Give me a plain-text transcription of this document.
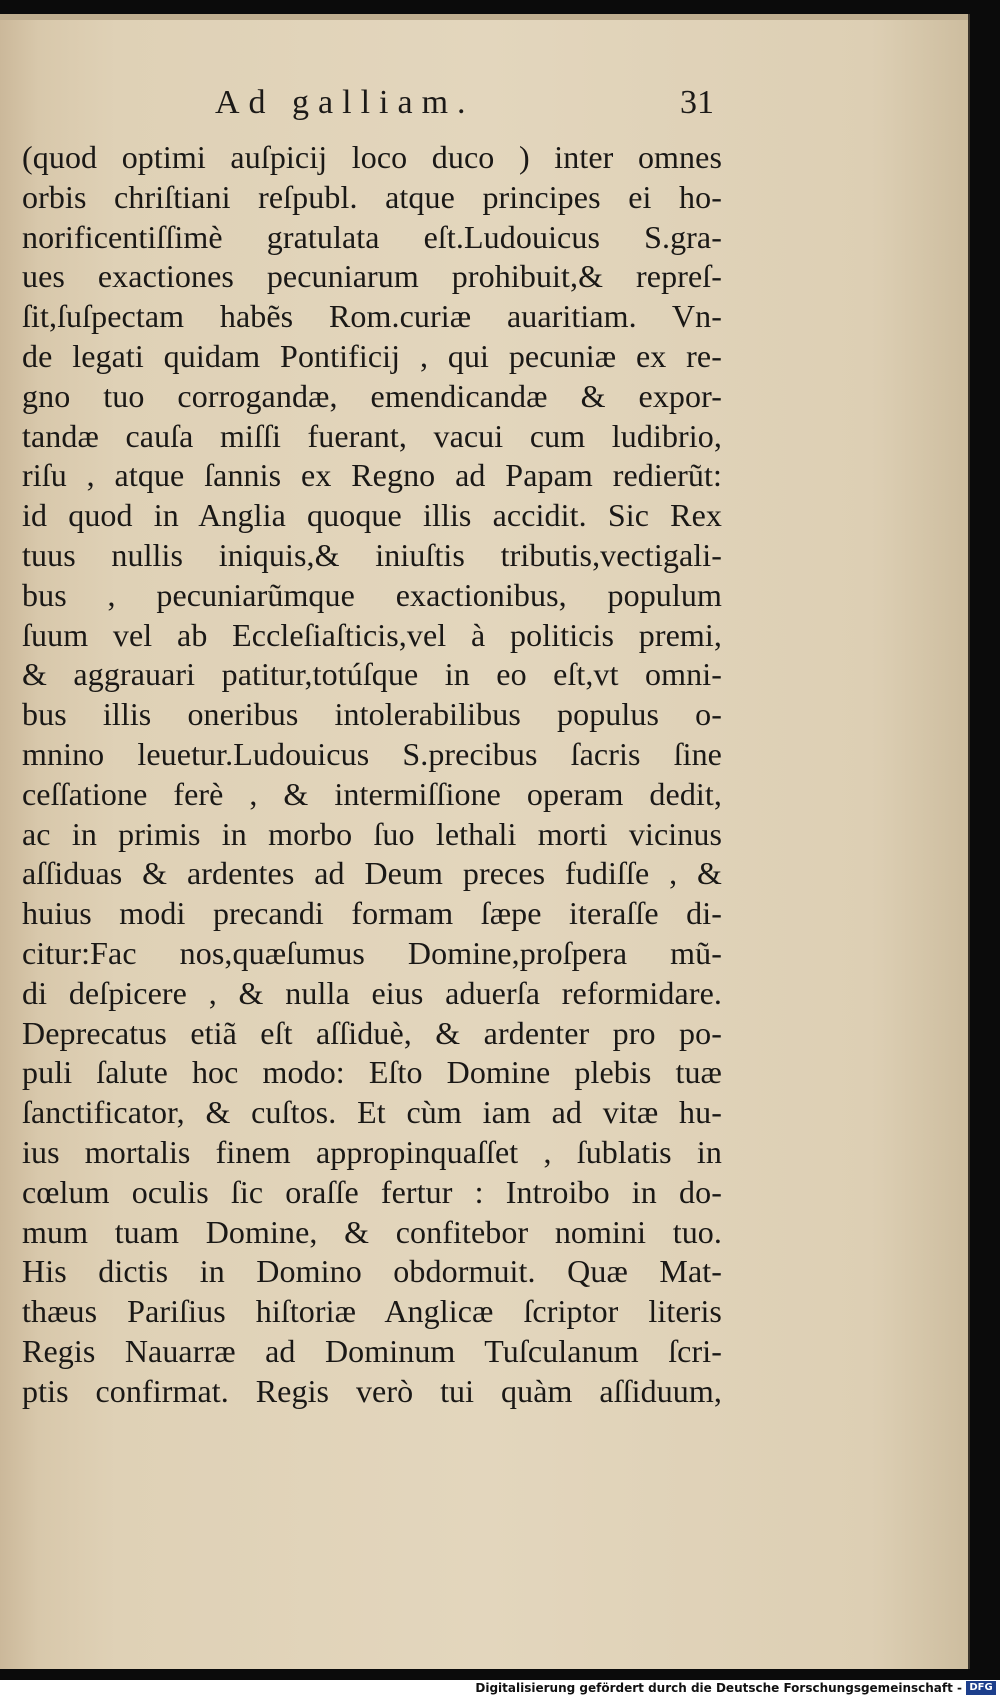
Ad galliam.	31
(quod optimi auſpicij loco duco ) inter omnes
orbis chriſtiani reſpubl. atque principes ei ho-
norificentiſſimè gratulata eſt.Ludouicus S.gra-
ues exactiones pecuniarum prohibuit,& repreſ-
ſit,ſuſpectam habẽs Rom.curiæ auaritiam. Vn-
de legati quidam Pontificij , qui pecuniæ ex re-
gno tuo corrogandæ, emendicandæ & expor-
tandæ cauſa miſſi fuerant, vacui cum ludibrio,
riſu , atque ſannis ex Regno ad Papam redierũt:
id quod in Anglia quoque illis accidit. Sic Rex
tuus nullis iniquis,& iniuſtis tributis,vectigali-
bus , pecuniarũmque exactionibus, populum
ſuum vel ab Eccleſiaſticis,vel à politicis premi,
& aggrauari patitur,totúſque in eo eſt,vt omni-
bus illis oneribus intolerabilibus populus o-
mnino leuetur.Ludouicus S.precibus ſacris ſine
ceſſatione ferè , & intermiſſione operam dedit,
ac in primis in morbo ſuo lethali morti vicinus
aſſiduas & ardentes ad Deum preces fudiſſe , &
huius modi precandi formam ſæpe iteraſſe di-
citur:Fac nos,quæſumus Domine,proſpera mũ-
di deſpicere , & nulla eius aduerſa reformidare.
Deprecatus etiã eſt aſſiduè, & ardenter pro po-
puli ſalute hoc modo: Eſto Domine plebis tuæ
ſanctificator, & cuſtos. Et cùm iam ad vitæ hu-
ius mortalis finem appropinquaſſet , ſublatis in
cœlum oculis ſic oraſſe fertur : Introibo in do-
mum tuam Domine, & confitebor nomini tuo.
His dictis in Domino obdormuit. Quæ Mat-
thæus Pariſius hiſtoriæ Anglicæ ſcriptor literis
Regis Nauarræ ad Dominum Tuſculanum ſcri-
ptis confirmat. Regis verò tui quàm aſſiduum,
Digitalisierung gefördert durch die Deutsche Forschungsgemeinschaft - DFG
